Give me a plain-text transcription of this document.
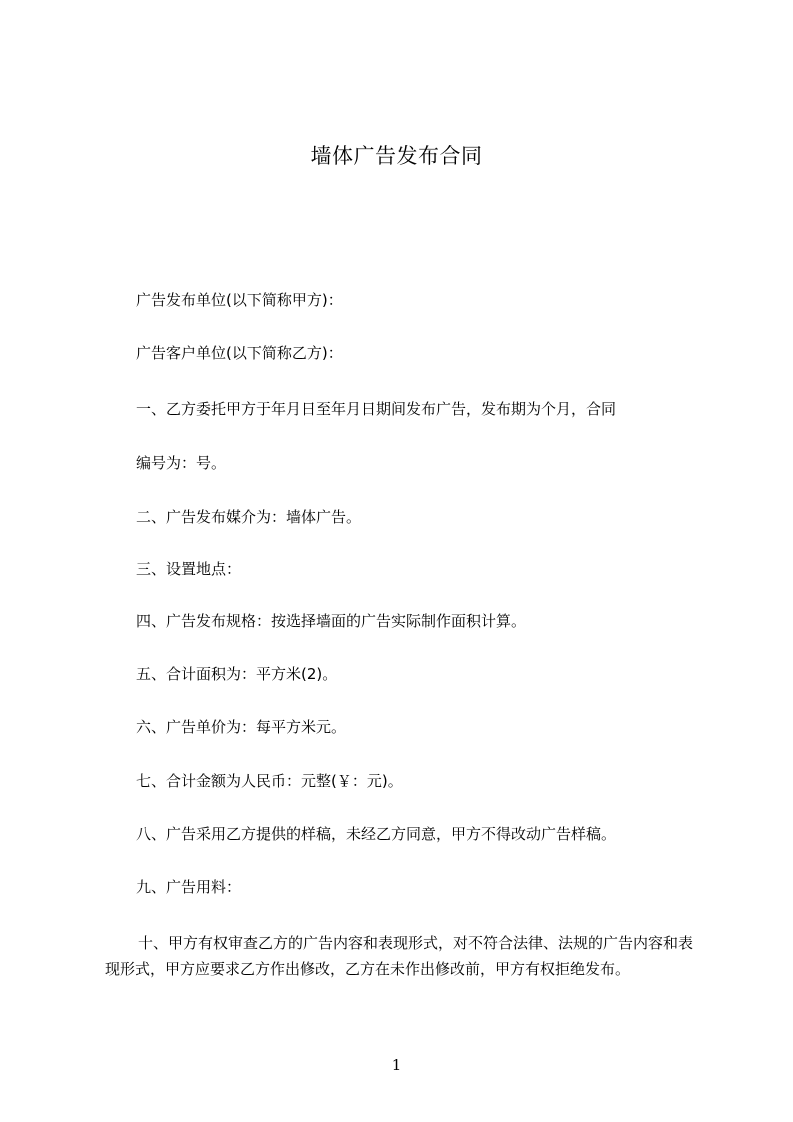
墙体广告发布合同
广告发布单位(以下简称甲方)：
广告客户单位(以下简称乙方)：
一、乙方委托甲方于年月日至年月日期间发布广告，发布期为个月，合同
编号为：号。
二、广告发布媒介为：墙体广告。
三、设置地点：
四、广告发布规格：按选择墙面的广告实际制作面积计算。
五、合计面积为：平方米(2)。
六、广告单价为：每平方米元。
七、合计金额为人民币：元整(￥：元)。
八、广告采用乙方提供的样稿，未经乙方同意，甲方不得改动广告样稿。
九、广告用料：
十、甲方有权审查乙方的广告内容和表现形式，对不符合法律、法规的广告内容和表现形式，甲方应要求乙方作出修改，乙方在未作出修改前，甲方有权拒绝发布。
1
